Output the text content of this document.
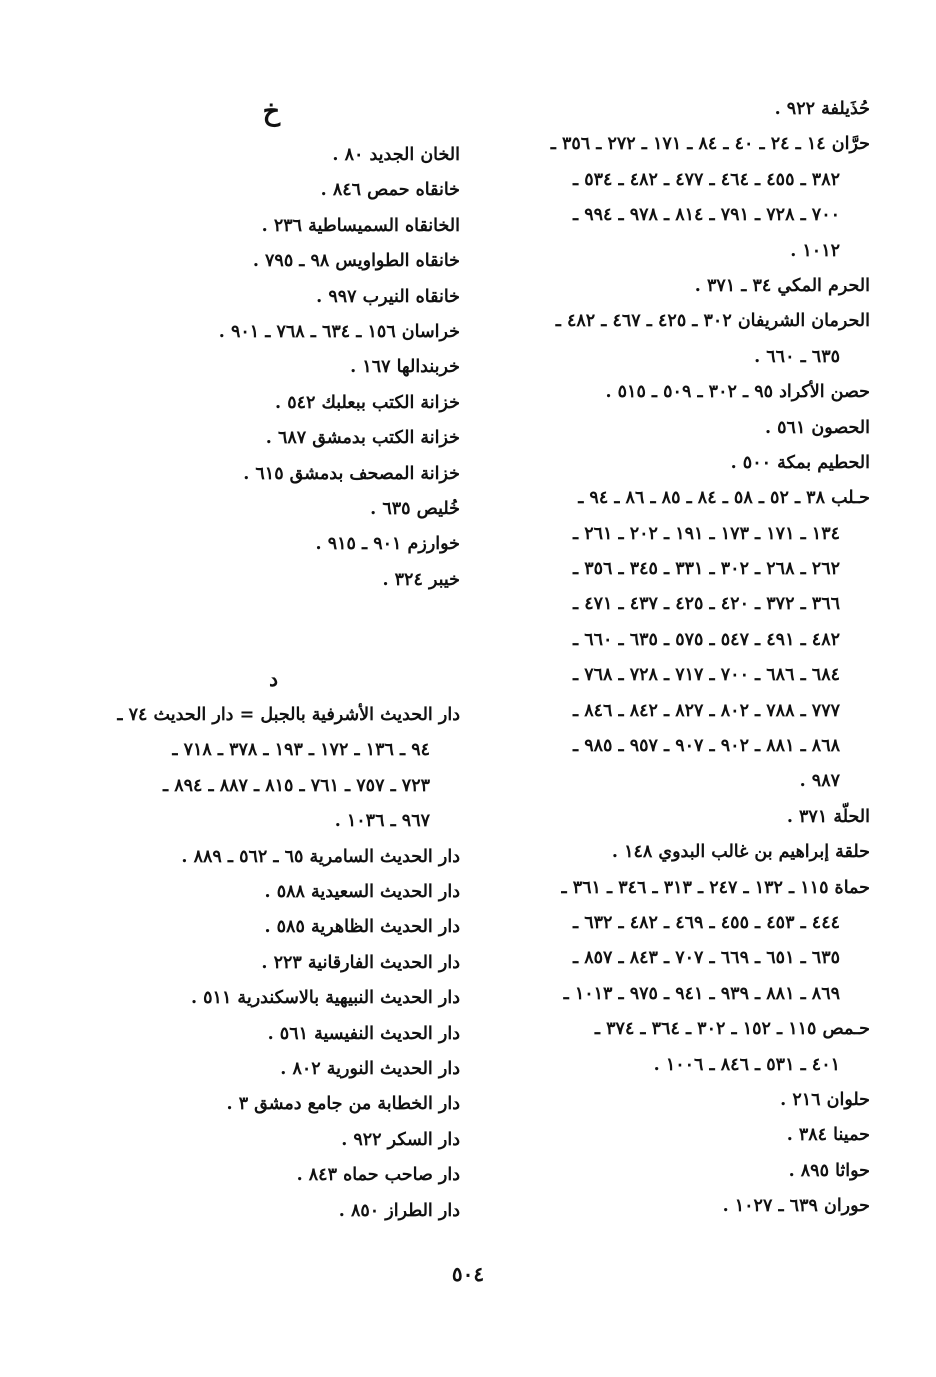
حُذَيلفة ٩٢٢ .
حرَّان ١٤ ـ ٢٤ ـ ٤٠ ـ ٨٤ ـ ١٧١ ـ ٢٧٢ ـ ٣٥٦ ـ
٣٨٢ ـ ٤٥٥ ـ ٤٦٤ ـ ٤٧٧ ـ ٤٨٢ ـ ٥٣٤ ـ
٧٠٠ ـ ٧٢٨ ـ ٧٩١ ـ ٨١٤ ـ ٩٧٨ ـ ٩٩٤ ـ
١٠١٢ .
الحرم المكي ٣٤ ـ ٣٧١ .
الحرمان الشريفان ٣٠٢ ـ ٤٢٥ ـ ٤٦٧ ـ ٤٨٢ ـ
٦٣٥ ـ ٦٦٠ .
حصن الأكراد ٩٥ ـ ٣٠٢ ـ ٥٠٩ ـ ٥١٥ .
الحصون ٥٦١ .
الحطيم بمكة ٥٠٠ .
حـلب ٣٨ ـ ٥٢ ـ ٥٨ ـ ٨٤ ـ ٨٥ ـ ٨٦ ـ ٩٤ ـ
١٣٤ ـ ١٧١ ـ ١٧٣ ـ ١٩١ ـ ٢٠٢ ـ ٢٦١ ـ
٢٦٢ ـ ٢٦٨ ـ ٣٠٢ ـ ٣٣١ ـ ٣٤٥ ـ ٣٥٦ ـ
٣٦٦ ـ ٣٧٢ ـ ٤٢٠ ـ ٤٢٥ ـ ٤٣٧ ـ ٤٧١ ـ
٤٨٢ ـ ٤٩١ ـ ٥٤٧ ـ ٥٧٥ ـ ٦٣٥ ـ ٦٦٠ ـ
٦٨٤ ـ ٦٨٦ ـ ٧٠٠ ـ ٧١٧ ـ ٧٢٨ ـ ٧٦٨ ـ
٧٧٧ ـ ٧٨٨ ـ ٨٠٢ ـ ٨٢٧ ـ ٨٤٢ ـ ٨٤٦ ـ
٨٦٨ ـ ٨٨١ ـ ٩٠٢ ـ ٩٠٧ ـ ٩٥٧ ـ ٩٨٥ ـ
٩٨٧ .
الحلّة ٣٧١ .
حلقة إبراهيم بن غالب البدوي ١٤٨ .
حماة ١١٥ ـ ١٣٢ ـ ٢٤٧ ـ ٣١٣ ـ ٣٤٦ ـ ٣٦١ ـ
٤٤٤ ـ ٤٥٣ ـ ٤٥٥ ـ ٤٦٩ ـ ٤٨٢ ـ ٦٣٢ ـ
٦٣٥ ـ ٦٥١ ـ ٦٦٩ ـ ٧٠٧ ـ ٨٤٣ ـ ٨٥٧ ـ
٨٦٩ ـ ٨٨١ ـ ٩٣٩ ـ ٩٤١ ـ ٩٧٥ ـ ١٠١٣ ـ
حـمص ١١٥ ـ ١٥٢ ـ ٣٠٢ ـ ٣٦٤ ـ ٣٧٤ ـ
٤٠١ ـ ٥٣١ ـ ٨٤٦ ـ ١٠٠٦ .
حلوان ٢١٦ .
حمينا ٣٨٤ .
حواثا ٨٩٥ .
حوران ٦٣٩ ـ ١٠٢٧ .
خ
الخان الجديد ٨٠ .
خانقاه حمص ٨٤٦ .
الخانقاه السميساطية ٢٣٦ .
خانقاه الطواويس ٩٨ ـ ٧٩٥ .
خانقاه النيرب ٩٩٧ .
خراسان ١٥٦ ـ ٦٣٤ ـ ٧٦٨ ـ ٩٠١ .
خربندالها ١٦٧ .
خزانة الكتب ببعلبك ٥٤٢ .
خزانة الكتب بدمشق ٦٨٧ .
خزانة المصحف بدمشق ٦١٥ .
خُليص ٦٣٥ .
خوارزم ٩٠١ ـ ٩١٥ .
خيبر ٣٢٤ .
د
دار الحديث الأشرفية بالجبل = دار الحديث ٧٤ ـ
٩٤ ـ ١٣٦ ـ ١٧٢ ـ ١٩٣ ـ ٣٧٨ ـ ٧١٨ ـ
٧٢٣ ـ ٧٥٧ ـ ٧٦١ ـ ٨١٥ ـ ٨٨٧ ـ ٨٩٤ ـ
٩٦٧ ـ ١٠٣٦ .
دار الحديث السامرية ٦٥ ـ ٥٦٢ ـ ٨٨٩ .
دار الحديث السعيدية ٥٨٨ .
دار الحديث الظاهرية ٥٨٥ .
دار الحديث الفارقانية ٢٢٣ .
دار الحديث النبيهية بالاسكندرية ٥١١ .
دار الحديث النفيسية ٥٦١ .
دار الحديث النورية ٨٠٢ .
دار الخطابة من جامع دمشق ٣ .
دار السكر ٩٢٢ .
دار صاحب حماه ٨٤٣ .
دار الطراز ٨٥٠ .
٥٠٤
